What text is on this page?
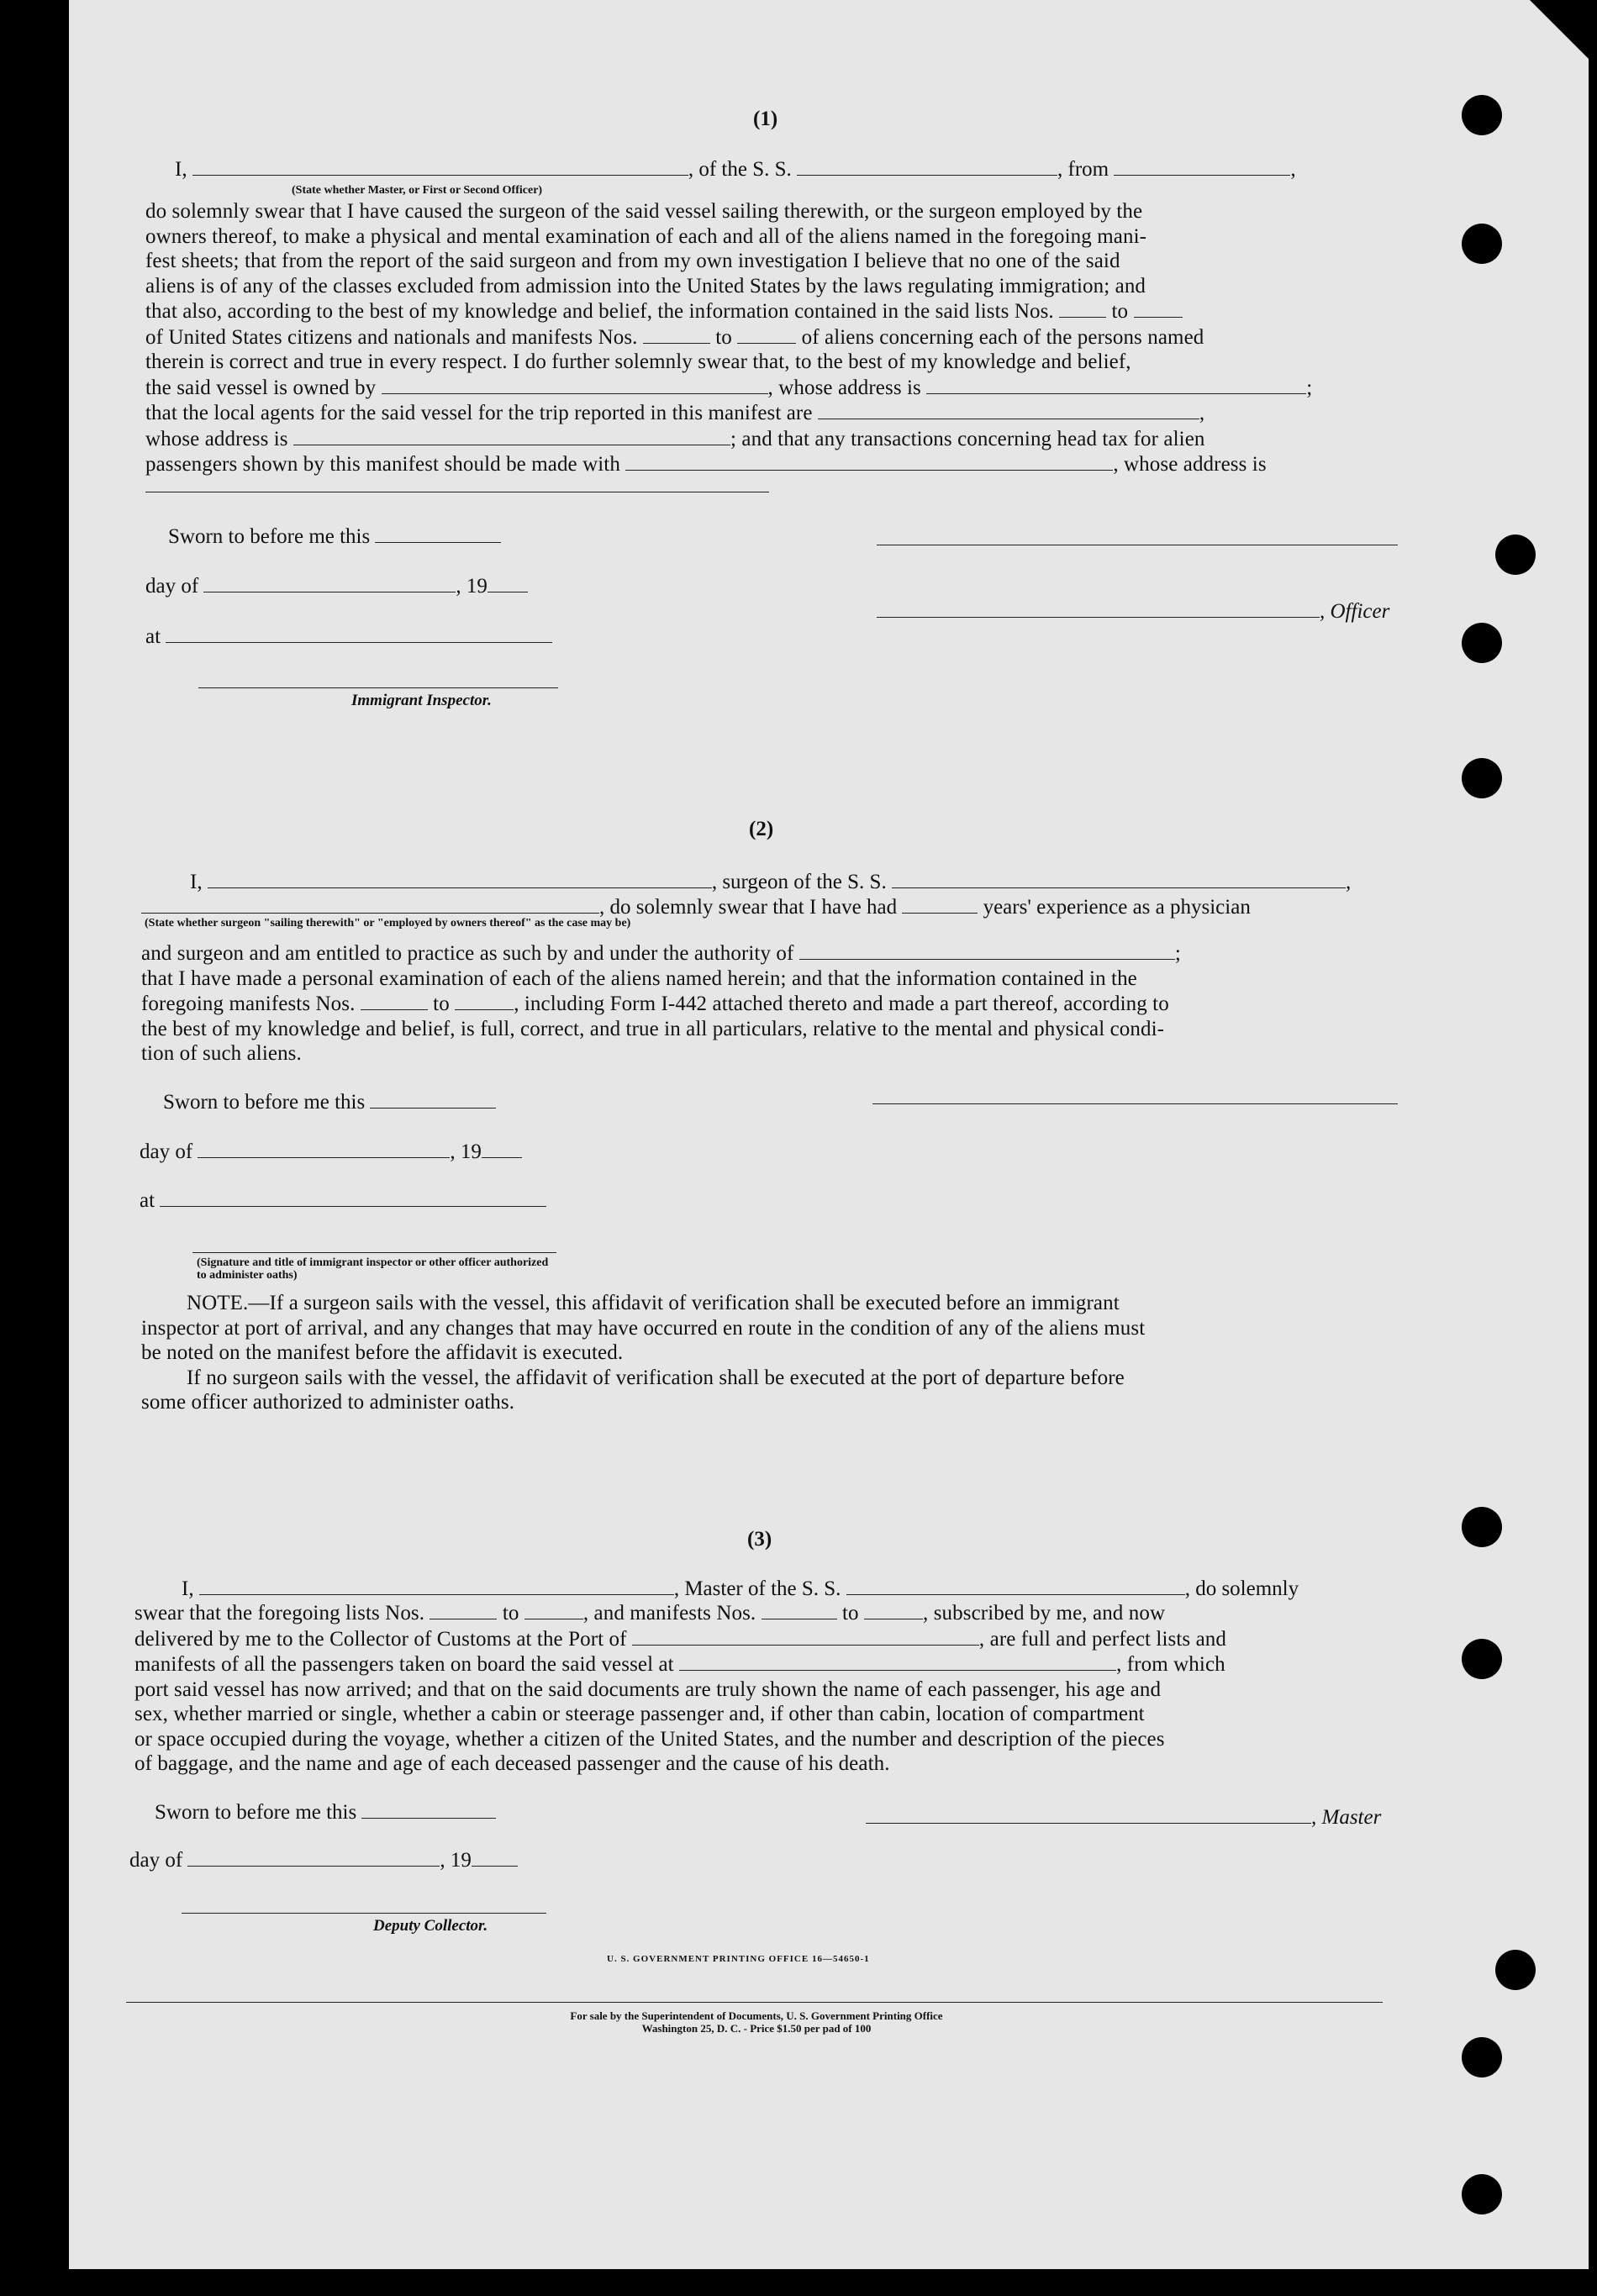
(1)
I,	, of the S. S.	, from	,
(State whether Master, or First or Second Officer)
do solemnly swear that I have caused the surgeon of the said vessel sailing therewith, or the surgeon employed by the
owners thereof, to make a physical and mental examination of each and all of the aliens named in the foregoing mani-
fest sheets; that from the report of the said surgeon and from my own investigation I believe that no one of the said
aliens is of any of the classes excluded from admission into the United States by the laws regulating immigration; and
that also, according to the best of my knowledge and belief, the information contained in the said lists Nos.	to
of United States citizens and nationals and manifests Nos.	to	of aliens concerning each of the persons named
therein is correct and true in every respect. I do further solemnly swear that, to the best of my knowledge and belief,
the said vessel is owned by	, whose address is	;
that the local agents for the said vessel for the trip reported in this manifest are	,
whose address is	; and that any transactions concerning head tax for alien
passengers shown by this manifest should be made with	, whose address is
Sworn to before me this
day of	, 19
, Officer
at
Immigrant Inspector.
(2)
I,	, surgeon of the S. S.	,
, do solemnly swear that I have had	years' experience as a physician
(State whether surgeon "sailing therewith" or "employed by owners thereof" as the case may be)
and surgeon and am entitled to practice as such by and under the authority of	;
that I have made a personal examination of each of the aliens named herein; and that the information contained in the
foregoing manifests Nos.	to	, including Form I-442 attached thereto and made a part thereof, according to
the best of my knowledge and belief, is full, correct, and true in all particulars, relative to the mental and physical condi-
tion of such aliens.
Sworn to before me this
day of	, 19
at
(Signature and title of immigrant inspector or other officer authorized to administer oaths)
NOTE.—If a surgeon sails with the vessel, this affidavit of verification shall be executed before an immigrant
inspector at port of arrival, and any changes that may have occurred en route in the condition of any of the aliens must
be noted on the manifest before the affidavit is executed.
If no surgeon sails with the vessel, the affidavit of verification shall be executed at the port of departure before
some officer authorized to administer oaths.
(3)
I,	, Master of the S. S.	, do solemnly
swear that the foregoing lists Nos.	to	, and manifests Nos.	to	, subscribed by me, and now
delivered by me to the Collector of Customs at the Port of	, are full and perfect lists and
manifests of all the passengers taken on board the said vessel at	, from which
port said vessel has now arrived; and that on the said documents are truly shown the name of each passenger, his age and
sex, whether married or single, whether a cabin or steerage passenger and, if other than cabin, location of compartment
or space occupied during the voyage, whether a citizen of the United States, and the number and description of the pieces
of baggage, and the name and age of each deceased passenger and the cause of his death.
Sworn to before me this	, Master
day of	, 19
Deputy Collector.
U. S. GOVERNMENT PRINTING OFFICE 16—54650-1
For sale by the Superintendent of Documents, U. S. Government Printing Office
Washington 25, D. C. - Price $1.50 per pad of 100
